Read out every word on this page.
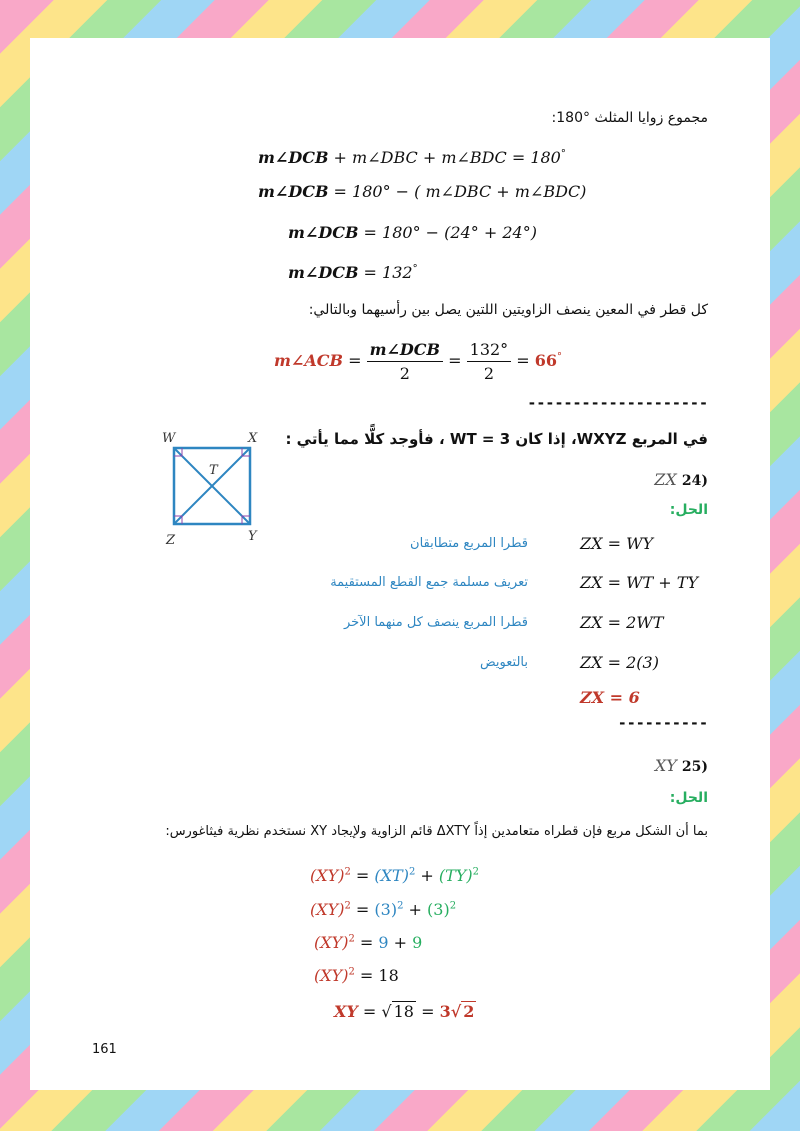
مجموع زوايا المثلث °180:
m∠DCB + m∠DBC + m∠BDC = 180°
m∠DCB = 180° − ( m∠DBC + m∠BDC)
m∠DCB = 180° − (24° + 24°)
m∠DCB = 132°
كل قطر في المعين ينصف الزاويتين اللتين يصل بين رأسيهما وبالتالي:
m∠ACB = $\frac{\text{m∠DCB}}{2} = \frac{132^\circ}{2} = 66^\circ$
--------------------
في المربع WXYZ، إذا كان WT = 3 ، فأوجد كلًّا مما يأتي :
W	X
Y
Z
T	ZX 24)
الحل:
ZX = WY
قطرا المربع متطابقان
ZX = WT + TY
تعريف مسلمة جمع القطع المستقيمة
ZX = 2WT
قطرا المربع ينصف كل منهما الآخر
ZX = 2(3)
بالتعويض
ZX = 6
----------
XY 25)
الحل:
بما أن الشكل مربع فإن قطراه متعامدين إذاً ΔXTY قائم الزاوية ولإيجاد XY نستخدم نظرية فيثاغورس:
(XY)$^2$ = (XT)$^2$ + (TY)$^2$
$(XY)^2 = (3)^2 + (3)^2$
(XY)$^2$ = 9 + 9
(XY)$^2$ = 18
XY = √ 18 = 3√ 2
161
